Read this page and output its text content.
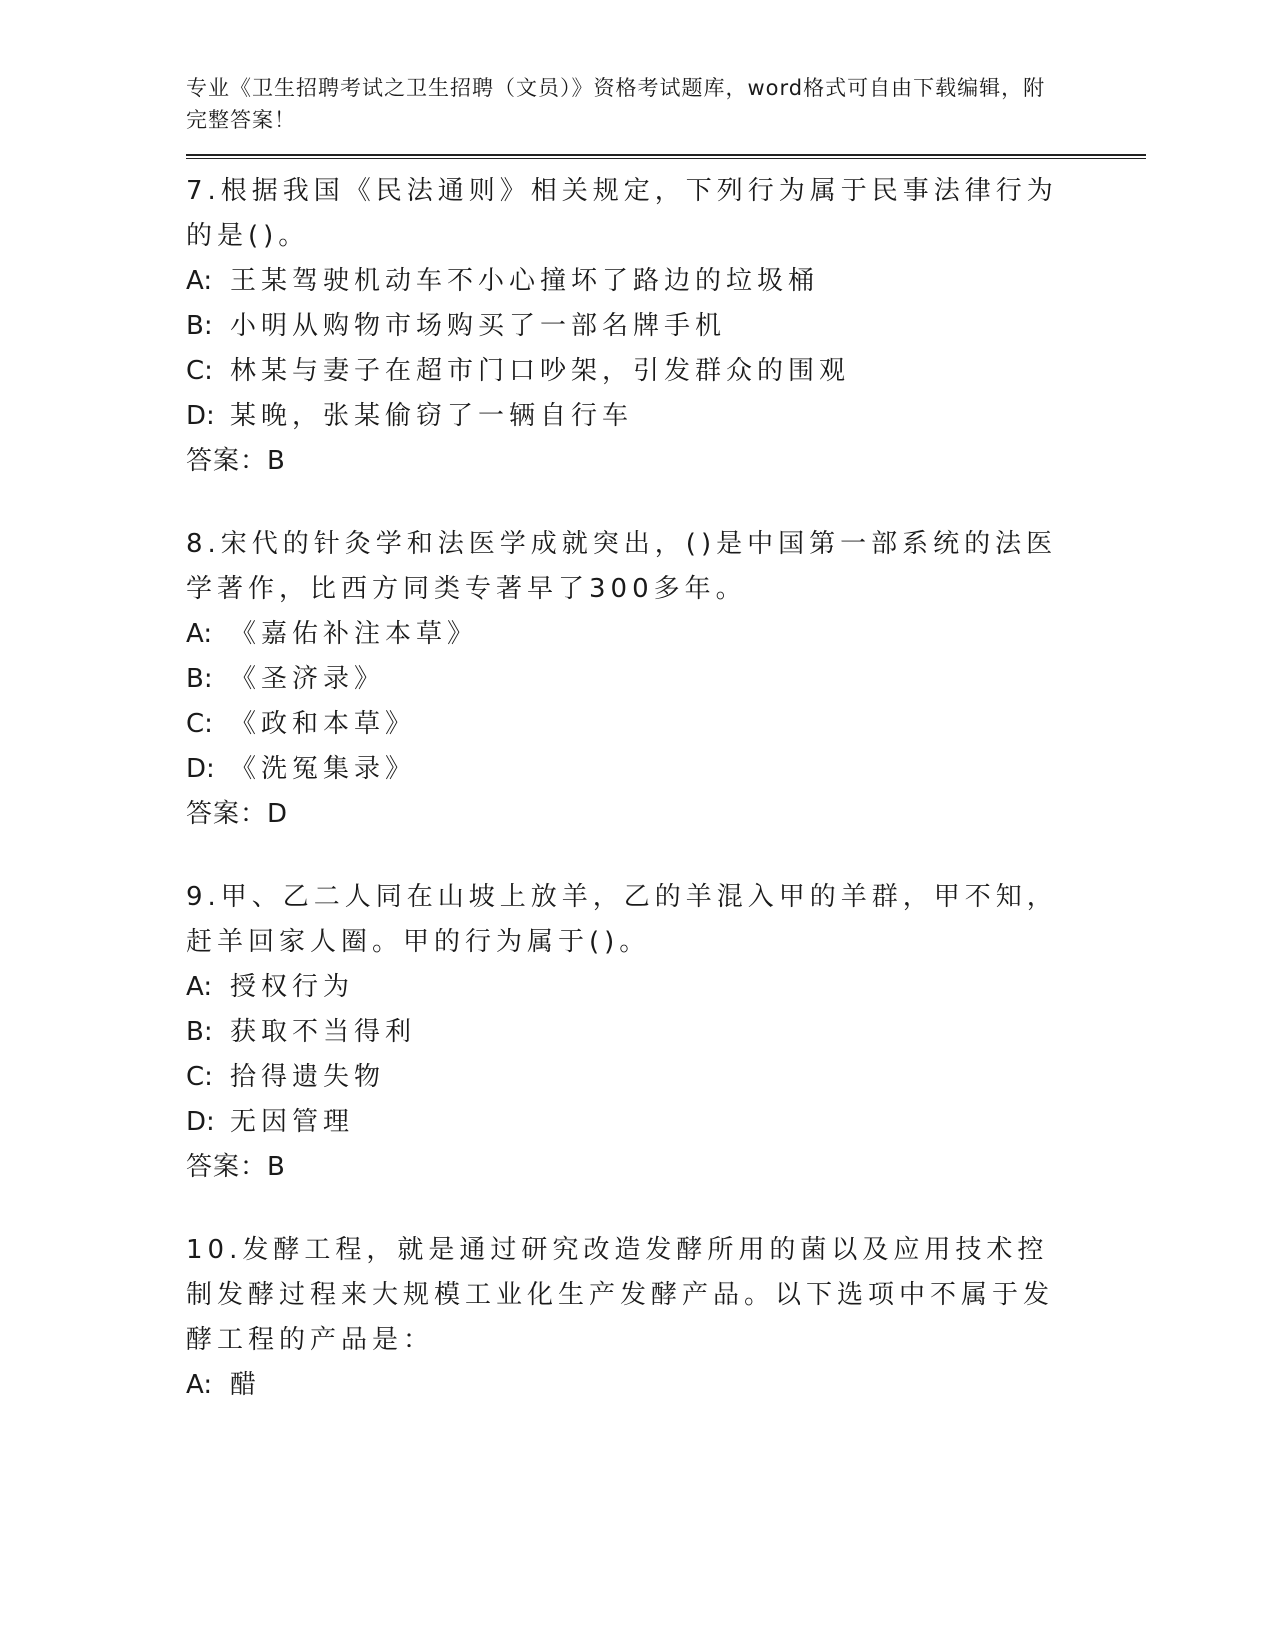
专业《卫生招聘考试之卫生招聘（文员）》资格考试题库，word格式可自由下载编辑，附完整答案！

7.根据我国《民法通则》相关规定，下列行为属于民事法律行为的是()。

A: 王某驾驶机动车不小心撞坏了路边的垃圾桶

B: 小明从购物市场购买了一部名牌手机

C: 林某与妻子在超市门口吵架，引发群众的围观

D: 某晚，张某偷窃了一辆自行车

答案：B

8.宋代的针灸学和法医学成就突出，()是中国第一部系统的法医学著作，比西方同类专著早了300多年。

A: 《嘉佑补注本草》

B: 《圣济录》

C: 《政和本草》

D: 《洗冤集录》

答案：D

9.甲、乙二人同在山坡上放羊，乙的羊混入甲的羊群，甲不知，赶羊回家人圈。甲的行为属于()。

A: 授权行为

B: 获取不当得利

C: 拾得遗失物

D: 无因管理

答案：B

10.发酵工程，就是通过研究改造发酵所用的菌以及应用技术控制发酵过程来大规模工业化生产发酵产品。以下选项中不属于发酵工程的产品是：

A: 醋
